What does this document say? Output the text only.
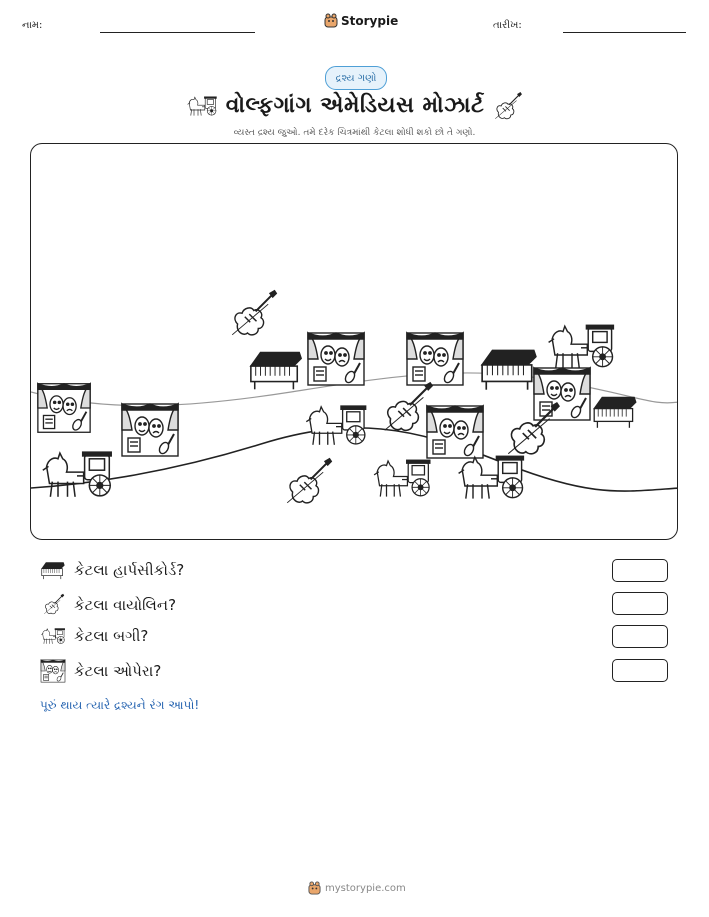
નામ:	Storypie	તારીખ:
દ્રશ્ય ગણો
વોલ્ફગાંગ એમેડિયસ મોઝાર્ટ
વ્યસ્ત દ્રશ્ય જુઓ. તમે દરેક ચિત્રમાંથી કેટલા શોધી શકો છો તે ગણો.
કેટલા હાર્પસીકોર્ડ?
કેટલા વાયોલિન?
કેટલા બગી?
કેટલા ઓપેરા?
પૂરું થાય ત્યારે દ્રશ્યને રંગ આપો!
mystorypie.com
